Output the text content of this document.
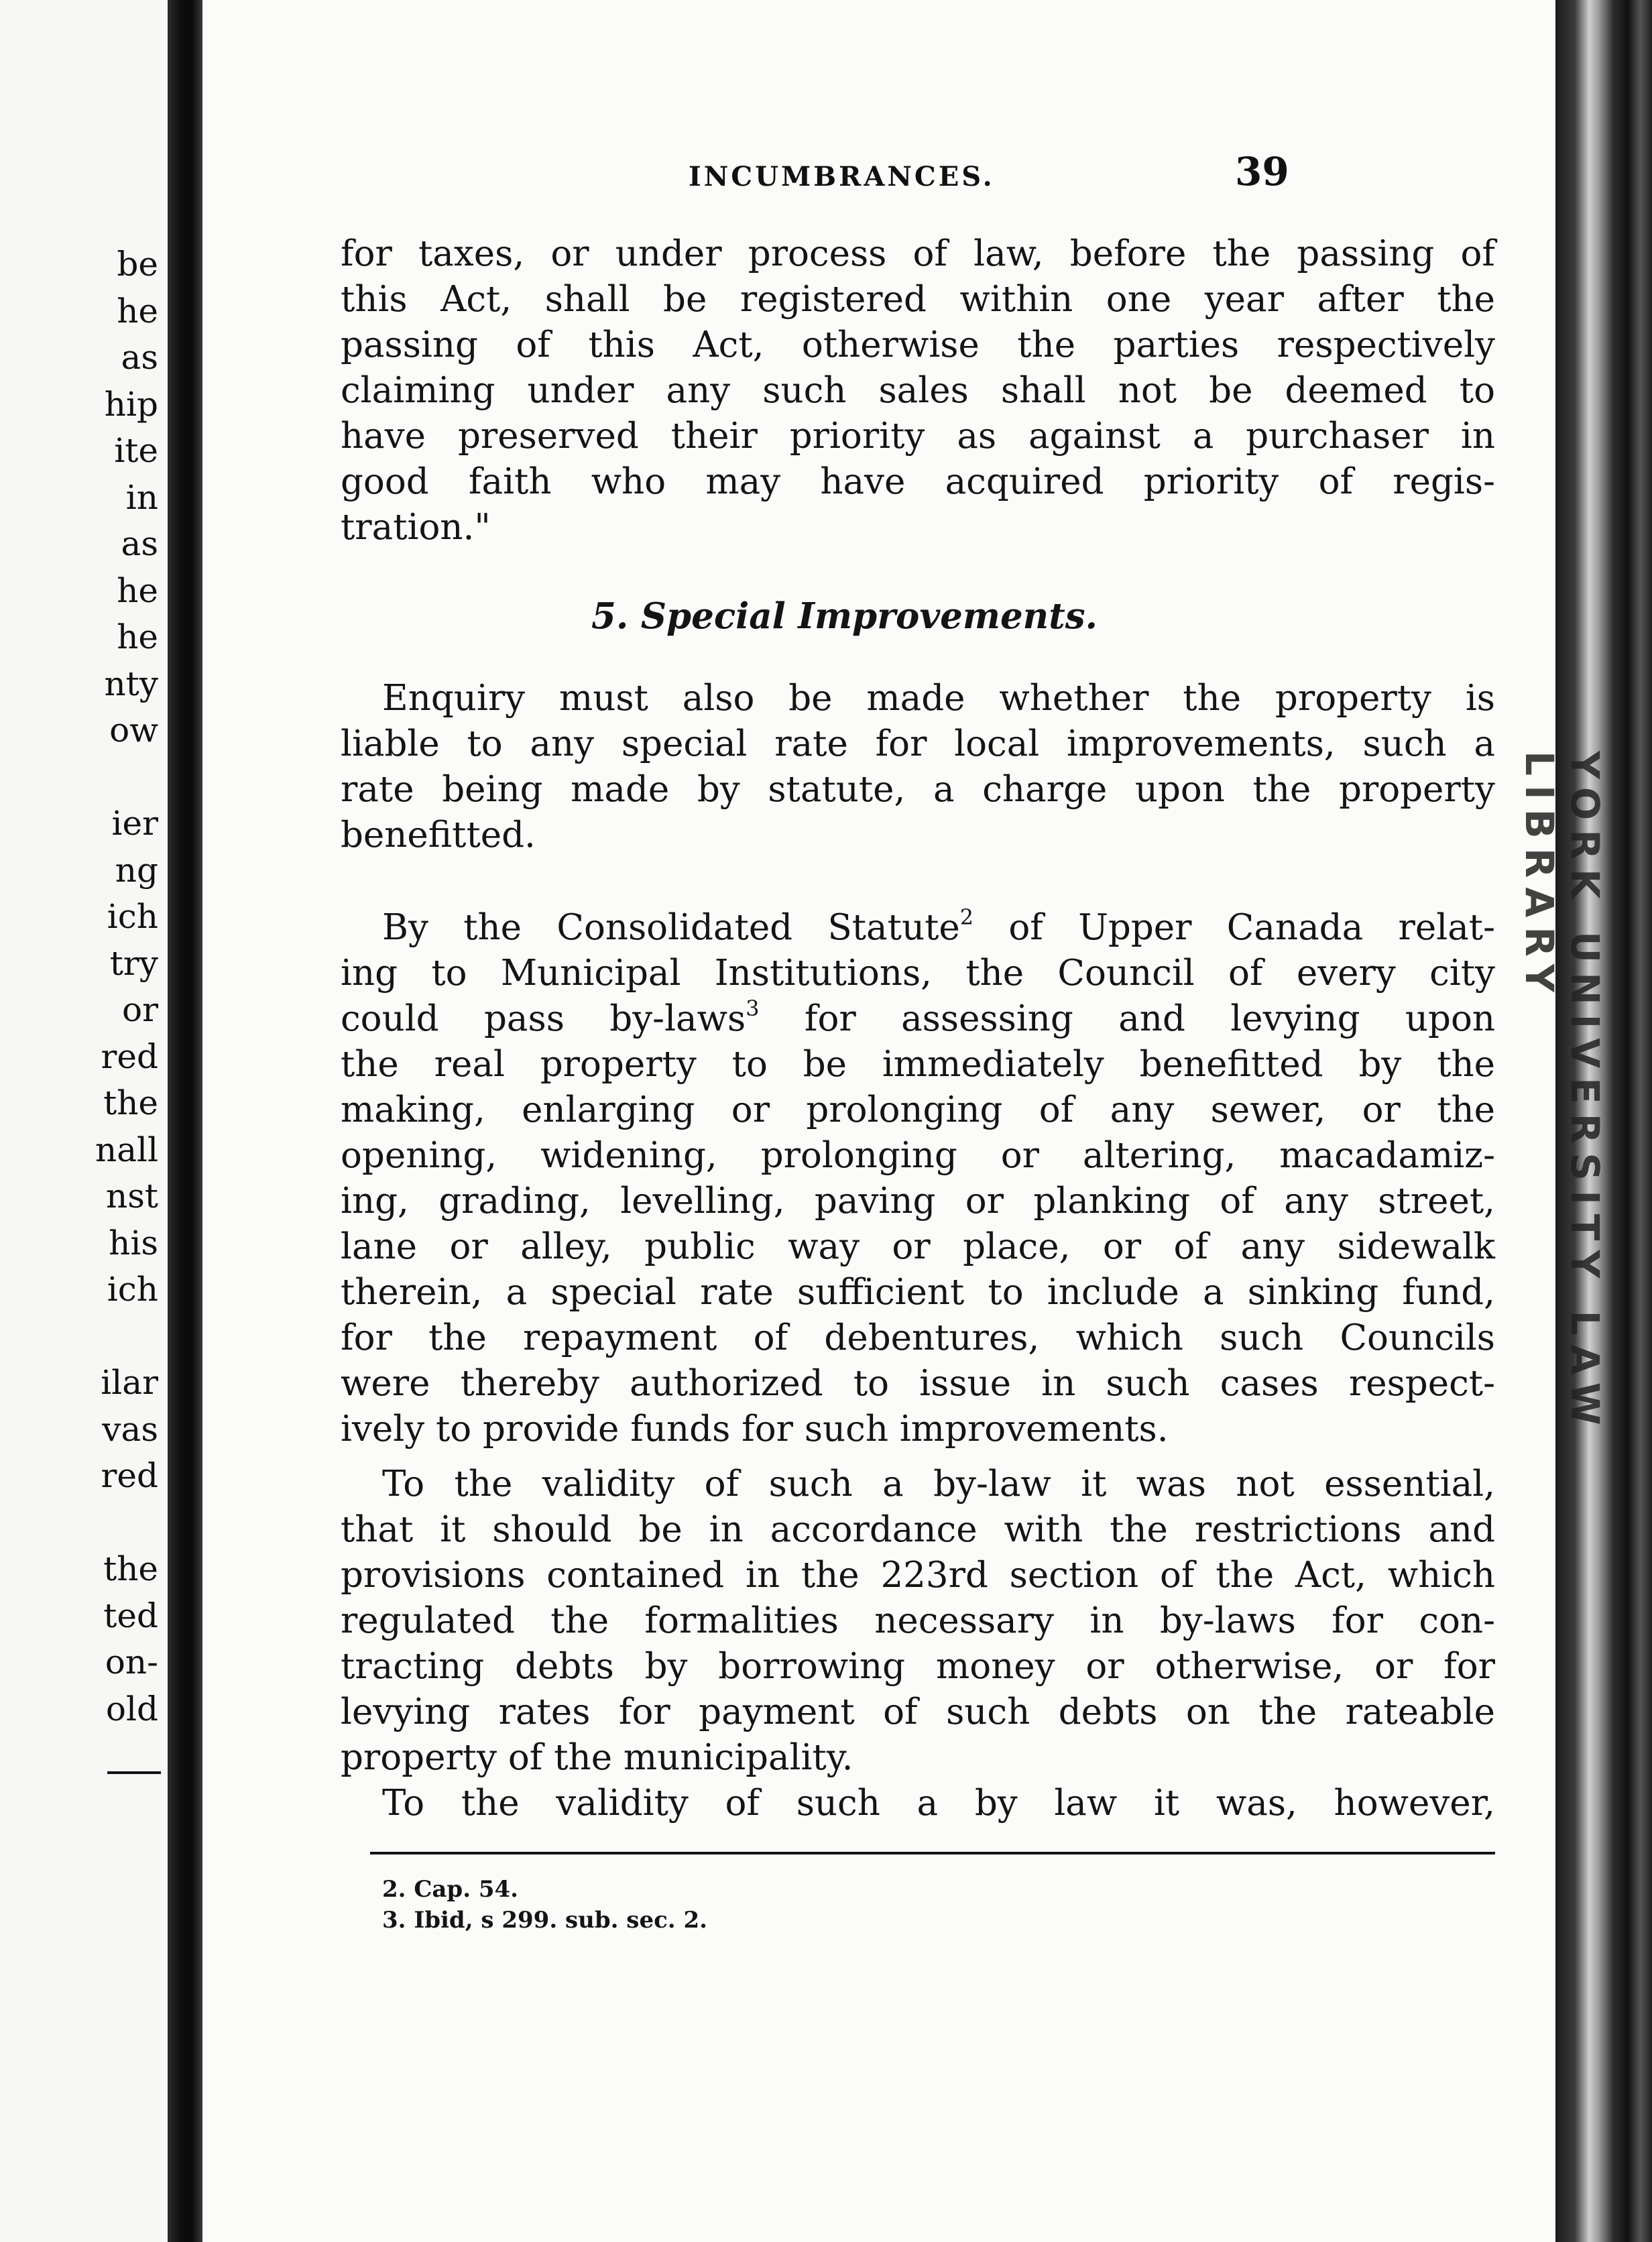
be
he
as
hip
ite
in
as
he
he
nty
ow
ier
ng
ich
try
or
red
the
nall
nst
his
ich
ilar
vas
red
the
ted
on-
old
INCUMBRANCES.	39
for taxes, or under process of law, before the passing of
this Act, shall be registered within one year after the
passing of this Act, otherwise the parties respectively
claiming under any such sales shall not be deemed to
have preserved their priority as against a purchaser in
good faith who may have acquired priority of regis-
tration."
5. Special Improvements.
Enquiry must also be made whether the property is
liable to any special rate for local improvements, such a
rate being made by statute, a charge upon the property
benefitted.
By the Consolidated Statute$^2$ of Upper Canada relat-
ing to Municipal Institutions, the Council of every city
could pass by-laws$^3$ for assessing and levying upon
the real property to be immediately benefitted by the
making, enlarging or prolonging of any sewer, or the
opening, widening, prolonging or altering, macadamiz-
ing, grading, levelling, paving or planking of any street,
lane or alley, public way or place, or of any sidewalk
therein, a special rate sufficient to include a sinking fund,
for the repayment of debentures, which such Councils
were thereby authorized to issue in such cases respect-
ively to provide funds for such improvements.
To the validity of such a by-law it was not essential,
that it should be in accordance with the restrictions and
provisions contained in the 223rd section of the Act, which
regulated the formalities necessary in by-laws for con-
tracting debts by borrowing money or otherwise, or for
levying rates for payment of such debts on the rateable
property of the municipality.
To the validity of such a by law it was, however,
2. Cap. 54.
3. Ibid, s 299. sub. sec. 2.
YORK UNIVERSITY LAW LIBRARY
